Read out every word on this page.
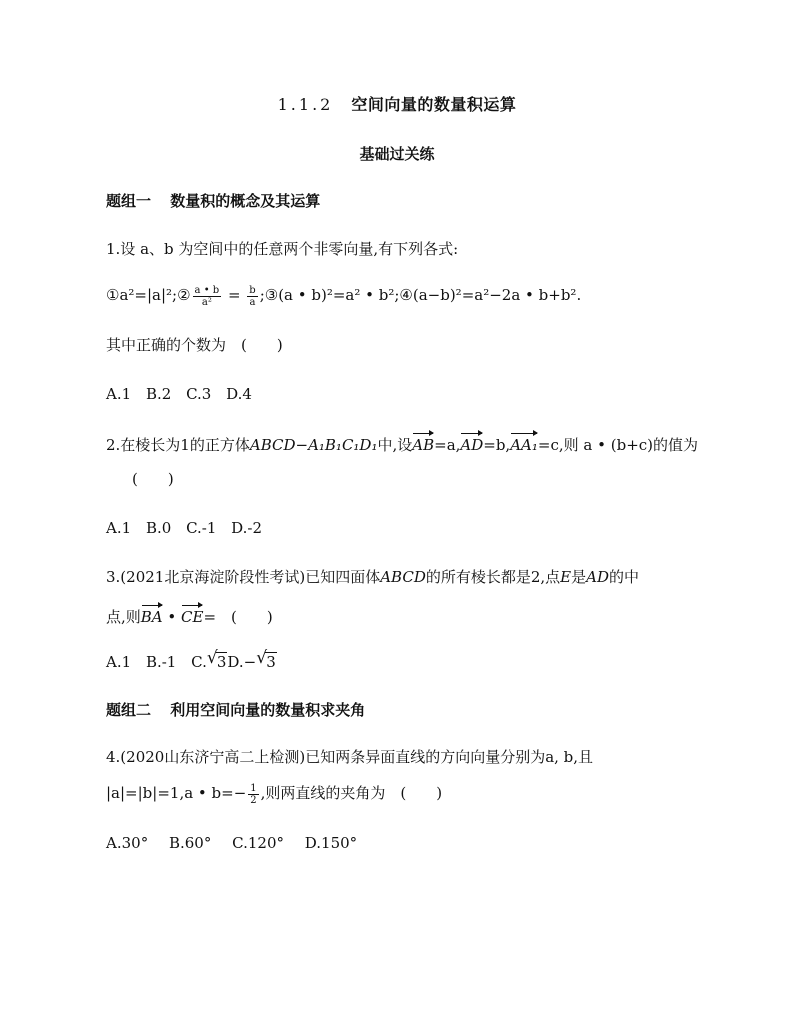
1.1.2 空间向量的数量积运算
基础过关练
题组一 数量积的概念及其运算
1.设 a、b 为空间中的任意两个非零向量,有下列各式:
①a²=|a|²;② $\frac{a • b}{\text{a²}} = \frac{b}{a}$ ;③(a • b)²=a² • b²;④(a−b)²=a²−2a • b+b².
其中正确的个数为　(　　)
A.1 B.2 C.3 D.4
2.在棱长为1的正方体ABCD−A₁B₁C₁D₁中,设AB=a,AD=b,AA₁=c,则 a • (b+c)的值为
(　　)
A.1 B.0 C.-1 D.-2
3.(2021北京海淀阶段性考试)已知四面体ABCD的所有棱长都是2,点E是AD的中
点,则BA • CE=　(　　)
A.1 B.-1 C. √ 3D.− √ 3
题组二 利用空间向量的数量积求夹角
4.(2020山东济宁高二上检测)已知两条异面直线的方向向量分别为a, b,且
|a|=|b|=1,a • $b=- \frac{1}{2}$ ,则两直线的夹角为　(　　)
A.30° B.60° C.120° D.150°
